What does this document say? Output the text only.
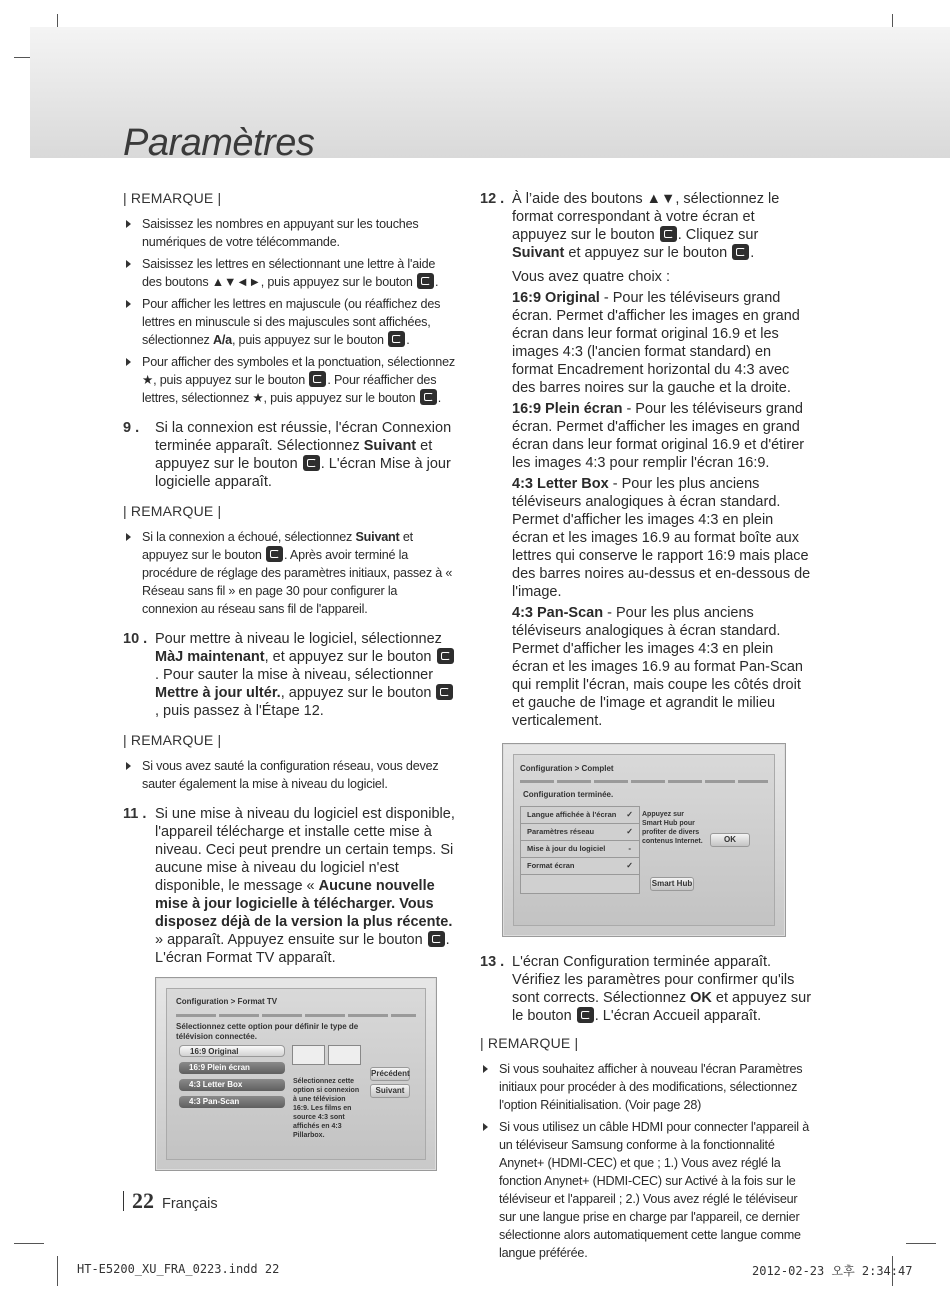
Paramètres
| REMARQUE |
Saisissez les nombres en appuyant sur les touches numériques de votre télécommande.
Saisissez les lettres en sélectionnant une lettre à l'aide des boutons ▲▼◄►, puis appuyez sur le bouton .
Pour afficher les lettres en majuscule (ou réaffichez des lettres en minuscule si des majuscules sont affichées, sélectionnez A/a, puis appuyez sur le bouton .
Pour afficher des symboles et la ponctuation, sélectionnez ★, puis appuyez sur le bouton . Pour réafficher des lettres, sélectionnez ★, puis appuyez sur le bouton .
9 .	Si la connexion est réussie, l'écran Connexion terminée apparaît. Sélectionnez Suivant et appuyez sur le bouton . L'écran Mise à jour logicielle apparaît.
| REMARQUE |
Si la connexion a échoué, sélectionnez Suivant et appuyez sur le bouton . Après avoir terminé la procédure de réglage des paramètres initiaux, passez à « Réseau sans fil » en page 30 pour configurer la connexion au réseau sans fil de l'appareil.
10 . Pour mettre à niveau le logiciel, sélectionnez MàJ maintenant, et appuyez sur le bouton . Pour sauter la mise à niveau, sélectionner Mettre à jour ultér., appuyez sur le bouton , puis passez à l'Étape 12.
| REMARQUE |
Si vous avez sauté la configuration réseau, vous devez sauter également la mise à niveau du logiciel.
11 . Si une mise à niveau du logiciel est disponible, l'appareil télécharge et installe cette mise à niveau. Ceci peut prendre un certain temps. Si aucune mise à niveau du logiciel n'est disponible, le message « Aucune nouvelle mise à jour logicielle à télécharger. Vous disposez déjà de la version la plus récente. » apparaît. Appuyez ensuite sur le bouton . L'écran Format TV apparaît.
Configuration > Format TV
Sélectionnez cette option pour définir le type de télévision connectée.
16:9 Original
16:9 Plein écran
4:3 Letter Box
4:3 Pan-Scan
Sélectionnez cette option si connexion à une télévision 16:9. Les films en source 4:3 sont affichés en 4:3 Pillarbox.
Précédent
Suivant
12 . À l’aide des boutons ▲▼, sélectionnez le format correspondant à votre écran et appuyez sur le bouton . Cliquez sur Suivant et appuyez sur le bouton .

Vous avez quatre choix :

16:9 Original - Pour les téléviseurs grand écran. Permet d'afficher les images en grand écran dans leur format original 16.9 et les images 4:3 (l'ancien format standard) en format Encadrement horizontal du 4:3 avec des barres noires sur la gauche et la droite.

16:9 Plein écran - Pour les téléviseurs grand écran. Permet d'afficher les images en grand écran dans leur format original 16.9 et d'étirer les images 4:3 pour remplir l'écran 16:9.

4:3 Letter Box - Pour les plus anciens téléviseurs analogiques à écran standard. Permet d'afficher les images 4:3 en plein écran et les images 16.9 au format boîte aux lettres qui conserve le rapport 16:9 mais place des barres noires au-dessus et en-dessous de l'image.

4:3 Pan-Scan - Pour les plus anciens téléviseurs analogiques à écran standard. Permet d'afficher les images 4:3 en plein écran et les images 16.9 au format Pan-Scan qui remplit l'écran, mais coupe les côtés droit et gauche de l'image et agrandit le milieu verticalement.

Configuration > Complet
Configuration terminée.
Langue affichée à l'écran ✓
Paramètres réseau	✓
Mise à jour du logiciel	-
Format écran	✓
Appuyez sur Smart Hub pour profiter de divers contenus Internet.	OK
Smart Hub
13 . L'écran Configuration terminée apparaît. Vérifiez les paramètres pour confirmer qu'ils sont corrects. Sélectionnez OK et appuyez sur le bouton . L'écran Accueil apparaît.
| REMARQUE |
Si vous souhaitez afficher à nouveau l'écran Paramètres initiaux pour procéder à des modifications, sélectionnez l'option Réinitialisation. (Voir page 28)
Si vous utilisez un câble HDMI pour connecter l'appareil à un téléviseur Samsung conforme à la fonctionnalité Anynet+ (HDMI-CEC) et que ; 1.) Vous avez réglé la fonction Anynet+ (HDMI-CEC) sur Activé à la fois sur le téléviseur et l'appareil ; 2.) Vous avez réglé le téléviseur sur une langue prise en charge par l'appareil, ce dernier sélectionne alors automatiquement cette langue comme langue préférée.
22 Français
HT-E5200_XU_FRA_0223.indd 22	2012-02-23 오후 2:34:47
